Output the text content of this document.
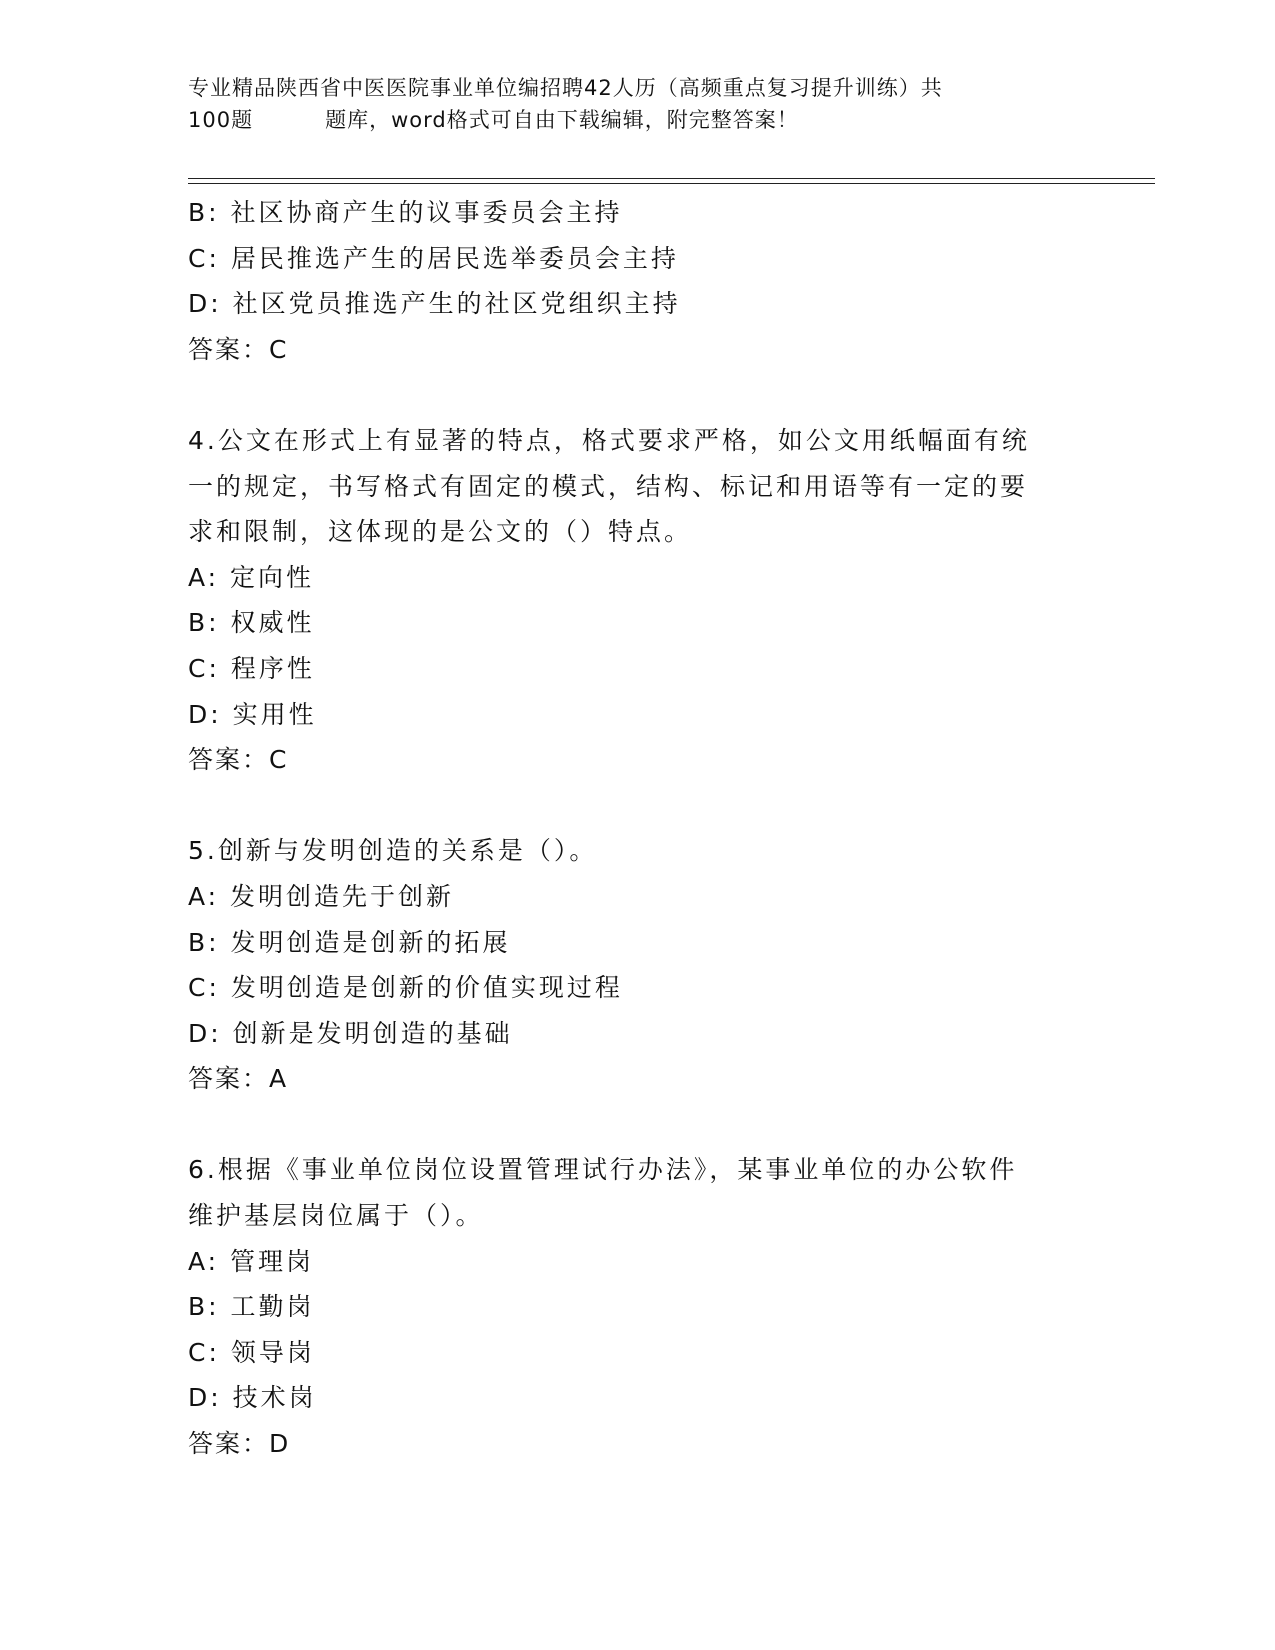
专业精品陕西省中医医院事业单位编招聘42人历（高频重点复习提升训练）共
100题	题库，word格式可自由下载编辑，附完整答案！
B: 社区协商产生的议事委员会主持
C: 居民推选产生的居民选举委员会主持
D: 社区党员推选产生的社区党组织主持
答案：C
4.公文在形式上有显著的特点，格式要求严格，如公文用纸幅面有统
一的规定，书写格式有固定的模式，结构、标记和用语等有一定的要
求和限制，这体现的是公文的（）特点。
A: 定向性
B: 权威性
C: 程序性
D: 实用性
答案：C
5.创新与发明创造的关系是（）。
A: 发明创造先于创新
B: 发明创造是创新的拓展
C: 发明创造是创新的价值实现过程
D: 创新是发明创造的基础
答案：A
6.根据《事业单位岗位设置管理试行办法》，某事业单位的办公软件
维护基层岗位属于（）。
A: 管理岗
B: 工勤岗
C: 领导岗
D: 技术岗
答案：D
